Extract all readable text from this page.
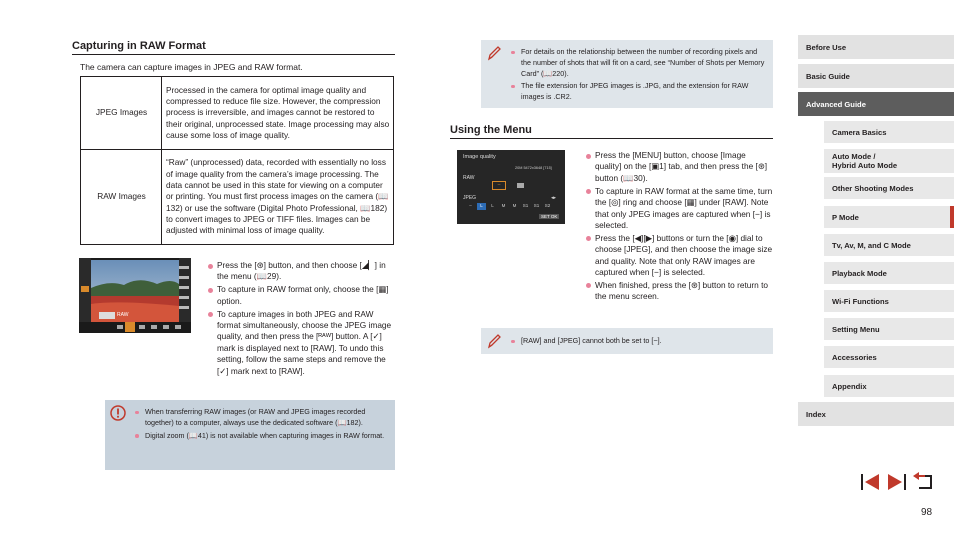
Capturing in RAW Format
The camera can capture images in JPEG and RAW format.
JPEG Images	Processed in the camera for optimal image quality and compressed to reduce file size. However, the compression process is irreversible, and images cannot be restored to their original, unprocessed state. Image processing may also cause some loss of image quality.
RAW Images	“Raw” (unprocessed) data, recorded with essentially no loss of image quality from the camera’s image processing. The data cannot be used in this state for viewing on a computer or printing. You must first process images on the camera (📖132) or use the software (Digital Photo Professional, 📖182) to convert images to JPEG or TIFF files. Images can be adjusted with minimal loss of image quality.
RAW
Press the [⊛] button, and then choose [◢▏] in the menu (📖29).
To capture in RAW format only, choose the [▦] option.
To capture images in both JPEG and RAW format simultaneously, choose the JPEG image quality, and then press the [ᴿᴬᵂ] button. A [✓] mark is displayed next to [RAW]. To undo this setting, follow the same steps and remove the [✓] mark next to [RAW].
When transferring RAW images (or RAW and JPEG images recorded together) to a computer, always use the dedicated software (📖182).
Digital zoom (📖41) is not available when capturing images in RAW format.
For details on the relationship between the number of recording pixels and the number of shots that will fit on a card, see “Number of Shots per Memory Card” (📖220).
The file extension for JPEG images is .JPG, and the extension for RAW images is .CR2.
Using the Menu
Image quality
20M 5472x3648 [715]
RAW
–
JPEG	◂▸
–	L	L	M	M	S1	S1	S2
SET OK
Press the [MENU] button, choose [Image quality] on the [▣1] tab, and then press the [⊛] button (📖30).
To capture in RAW format at the same time, turn the [◎] ring and choose [▦] under [RAW]. Note that only JPEG images are captured when [−] is selected.
Press the [◀][▶] buttons or turn the [◉] dial to choose [JPEG], and then choose the image size and quality. Note that only RAW images are captured when [−] is selected.
When finished, press the [⊛] button to return to the menu screen.
[RAW] and [JPEG] cannot both be set to [−].
Before Use
Basic Guide
Advanced Guide
Camera Basics
Auto Mode /
Hybrid Auto Mode
Other Shooting Modes
P Mode
Tv, Av, M, and C Mode
Playback Mode
Wi-Fi Functions
Setting Menu
Accessories
Appendix
Index
98
